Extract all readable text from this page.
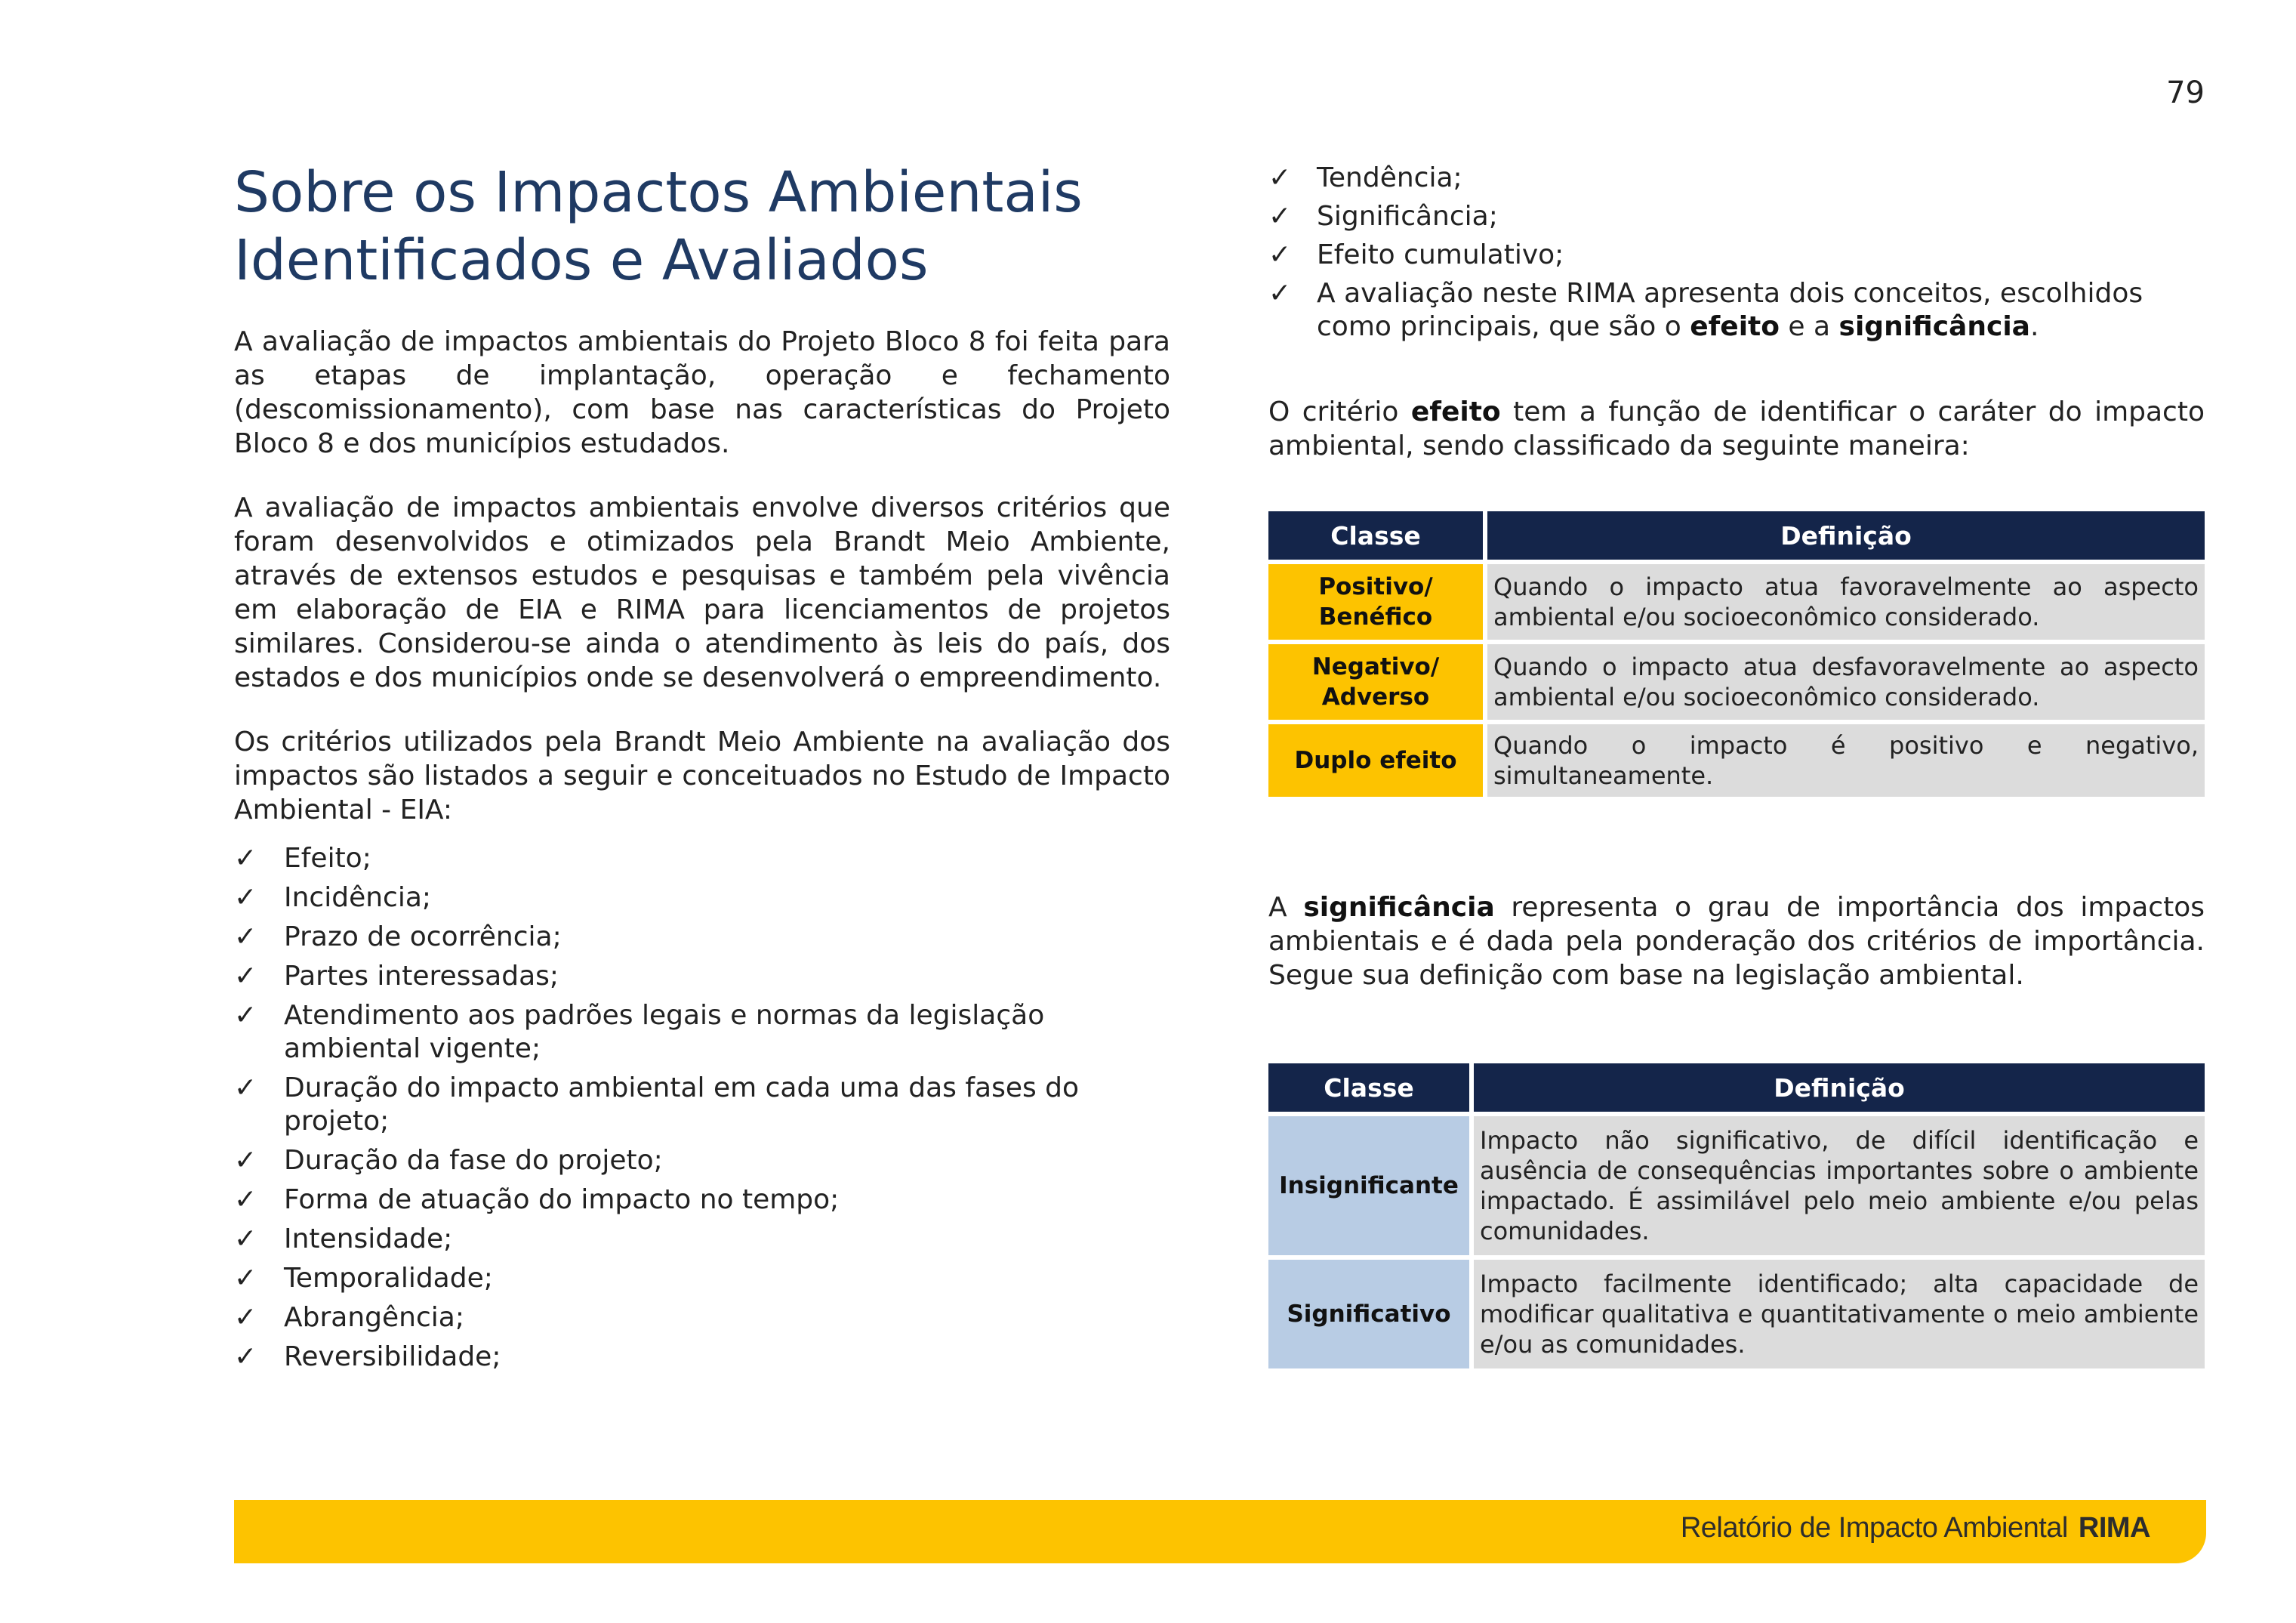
79
Sobre os Impactos Ambientais
Identificados e Avaliados

A avaliação de impactos ambientais do Projeto Bloco 8 foi feita para as etapas de implantação, operação e fechamento (descomissionamento), com base nas características do Projeto Bloco 8 e dos municípios estudados.

A avaliação de impactos ambientais envolve diversos critérios que foram desenvolvidos e otimizados pela Brandt Meio Ambiente, através de extensos estudos e pesquisas e também pela vivência em elaboração de EIA e RIMA para licenciamentos de projetos similares. Considerou-se ainda o atendimento às leis do país, dos estados e dos municípios onde se desenvolverá o empreendimento.

Os critérios utilizados pela Brandt Meio Ambiente na avaliação dos impactos são listados a seguir e conceituados no Estudo de Impacto Ambiental - EIA:

✓ Efeito;
✓ Incidência;
✓ Prazo de ocorrência;
✓ Partes interessadas;
✓ Atendimento aos padrões legais e normas da legislação ambiental vigente;
✓ Duração do impacto ambiental em cada uma das fases do projeto;
✓ Duração da fase do projeto;
✓ Forma de atuação do impacto no tempo;
✓ Intensidade;
✓ Temporalidade;
✓ Abrangência;
✓ Reversibilidade;
✓ Tendência;
✓ Significância;
✓ Efeito cumulativo;
✓ A avaliação neste RIMA apresenta dois conceitos, escolhidos como principais, que são o efeito e a significância.

O critério efeito tem a função de identificar o caráter do impacto ambiental, sendo classificado da seguinte maneira:

Classe	Definição
Positivo/
Benéfico	Quando o impacto atua favoravelmente ao aspecto ambiental e/ou socioeconômico considerado.
Negativo/
Adverso	Quando o impacto atua desfavoravelmente ao aspecto ambiental e/ou socioeconômico considerado.
Duplo efeito	Quando o impacto é positivo e negativo, simultaneamente.

A significância representa o grau de importância dos impactos ambientais e é dada pela ponderação dos critérios de importância. Segue sua definição com base na legislação ambiental.

Classe	Definição
Insignificante	Impacto não significativo, de difícil identificação e ausência de consequências importantes sobre o ambiente impactado. É assimilável pelo meio ambiente e/ou pelas comunidades.
Significativo	Impacto facilmente identificado; alta capacidade de modificar qualitativa e quantitativamente o meio ambiente e/ou as comunidades.
Relatório de Impacto Ambiental RIMA
